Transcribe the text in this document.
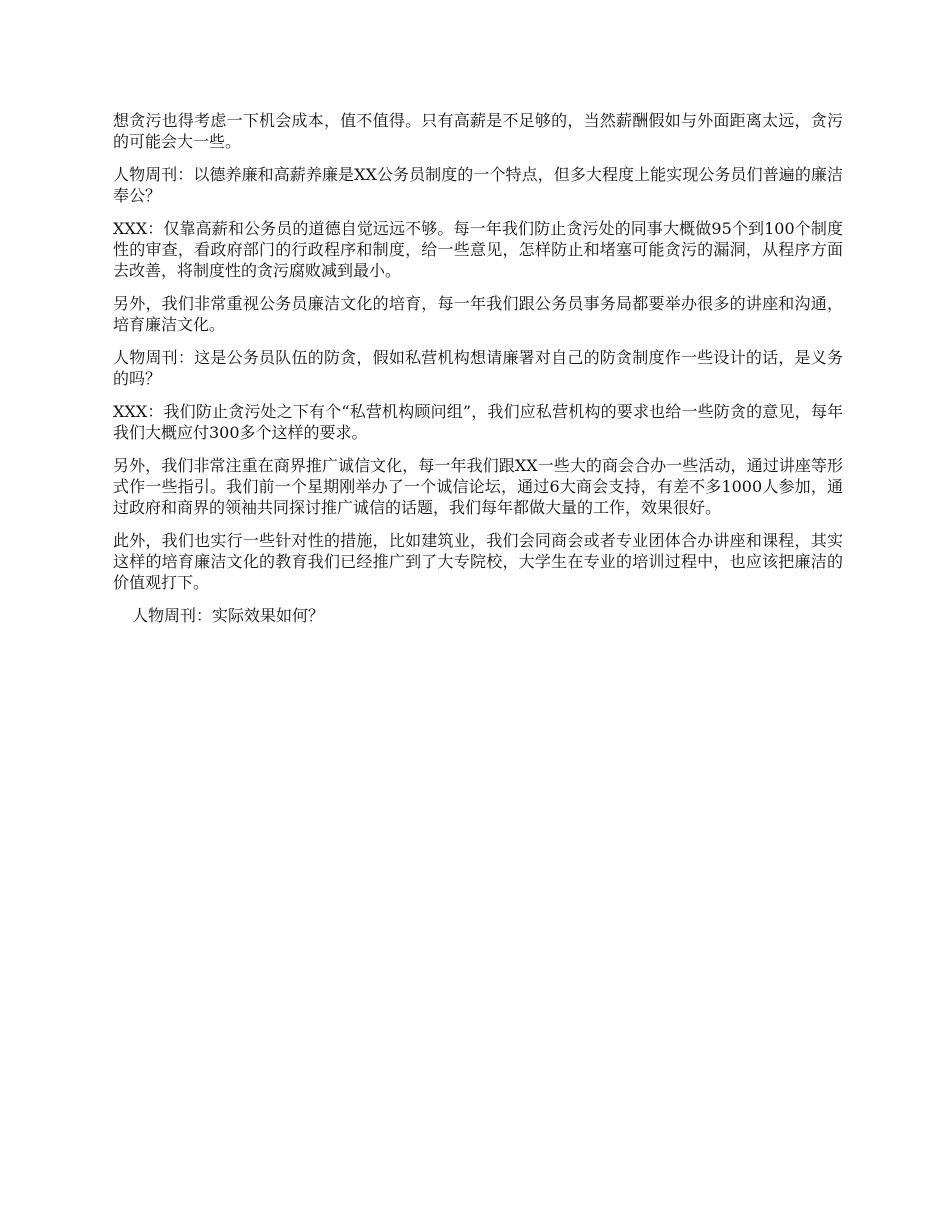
想贪污也得考虑一下机会成本，值不值得。只有高薪是不足够的，当然薪酬假如与外面距离太远，贪污的可能会大一些。

人物周刊：以德养廉和高薪养廉是XX公务员制度的一个特点，但多大程度上能实现公务员们普遍的廉洁奉公？

XXX：仅靠高薪和公务员的道德自觉远远不够。每一年我们防止贪污处的同事大概做95个到100个制度性的审查，看政府部门的行政程序和制度，给一些意见，怎样防止和堵塞可能贪污的漏洞，从程序方面去改善，将制度性的贪污腐败减到最小。

另外，我们非常重视公务员廉洁文化的培育，每一年我们跟公务员事务局都要举办很多的讲座和沟通，培育廉洁文化。

人物周刊：这是公务员队伍的防贪，假如私营机构想请廉署对自己的防贪制度作一些设计的话，是义务的吗？

XXX：我们防止贪污处之下有个“私营机构顾问组”，我们应私营机构的要求也给一些防贪的意见，每年我们大概应付300多个这样的要求。

另外，我们非常注重在商界推广诚信文化，每一年我们跟XX一些大的商会合办一些活动，通过讲座等形式作一些指引。我们前一个星期刚举办了一个诚信论坛，通过6大商会支持，有差不多1000人参加，通过政府和商界的领袖共同探讨推广诚信的话题，我们每年都做大量的工作，效果很好。

此外，我们也实行一些针对性的措施，比如建筑业，我们会同商会或者专业团体合办讲座和课程，其实这样的培育廉洁文化的教育我们已经推广到了大专院校，大学生在专业的培训过程中，也应该把廉洁的价值观打下。

人物周刊：实际效果如何？
